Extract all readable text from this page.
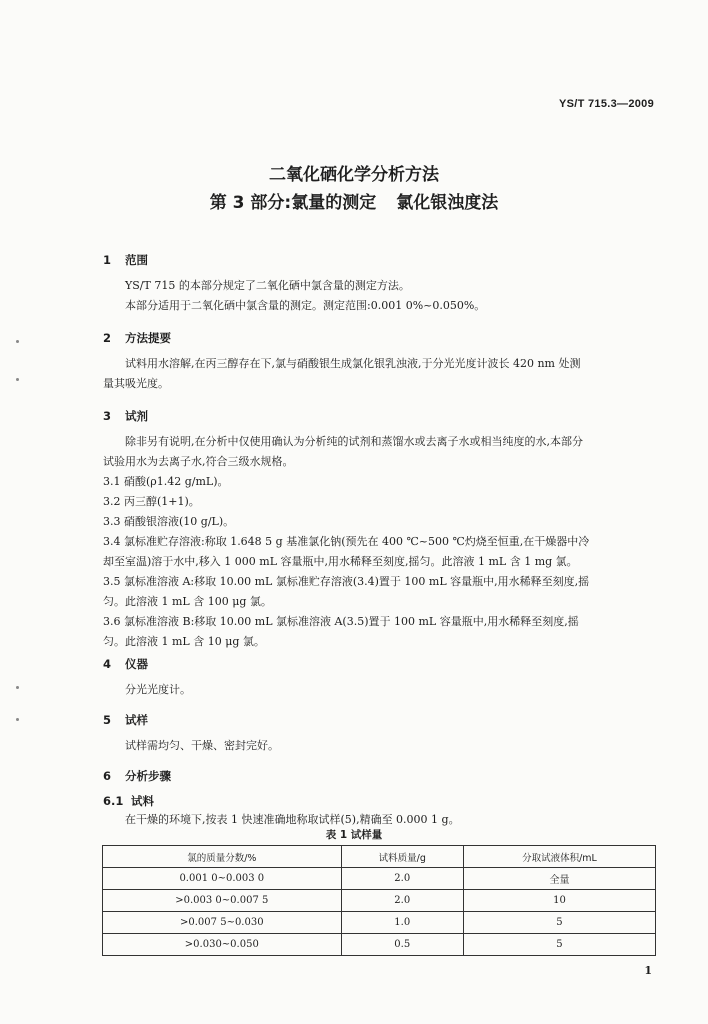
YS/T 715.3—2009
二氧化硒化学分析方法
第 3 部分:氯量的测定 氯化银浊度法
1 范围
YS/T 715 的本部分规定了二氧化硒中氯含量的测定方法。
本部分适用于二氧化硒中氯含量的测定。测定范围:0.001 0%~0.050%。
2 方法提要
试料用水溶解,在丙三醇存在下,氯与硝酸银生成氯化银乳浊液,于分光光度计波长 420 nm 处测
量其吸光度。
3 试剂
除非另有说明,在分析中仅使用确认为分析纯的试剂和蒸馏水或去离子水或相当纯度的水,本部分
试验用水为去离子水,符合三级水规格。
3.1 硝酸(ρ1.42 g/mL)。
3.2 丙三醇(1+1)。
3.3 硝酸银溶液(10 g/L)。
3.4 氯标准贮存溶液:称取 1.648 5 g 基准氯化钠(预先在 400 ℃~500 ℃灼烧至恒重,在干燥器中冷
却至室温)溶于水中,移入 1 000 mL 容量瓶中,用水稀释至刻度,摇匀。此溶液 1 mL 含 1 mg 氯。
3.5 氯标准溶液 A:移取 10.00 mL 氯标准贮存溶液(3.4)置于 100 mL 容量瓶中,用水稀释至刻度,摇
匀。此溶液 1 mL 含 100 μg 氯。
3.6 氯标准溶液 B:移取 10.00 mL 氯标准溶液 A(3.5)置于 100 mL 容量瓶中,用水稀释至刻度,摇
匀。此溶液 1 mL 含 10 μg 氯。
4 仪器
分光光度计。
5 试样
试样需均匀、干燥、密封完好。
6 分析步骤
6.1 试料
在干燥的环境下,按表 1 快速准确地称取试样(5),精确至 0.000 1 g。
表 1 试样量
氯的质量分数/%	试料质量/g	分取试液体积/mL
0.001 0~0.003 0	2.0	全量
>0.003 0~0.007 5	2.0	10
>0.007 5~0.030	1.0	5
>0.030~0.050	0.5	5
1
